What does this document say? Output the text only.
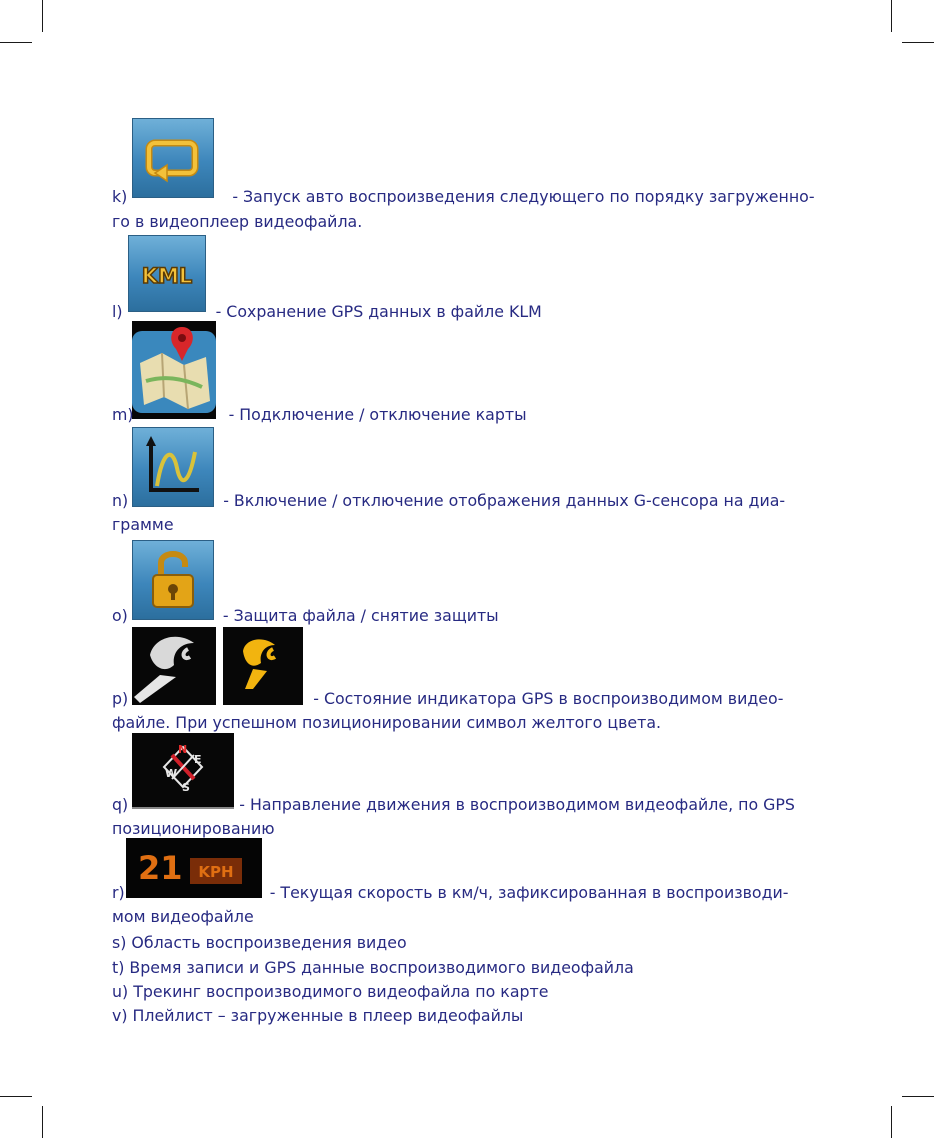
k)	- Запуск авто воспроизведения следующего по порядку загруженно-
го в видеоплеер видеофайла.
KML
l)	- Сохранение GPS данных в файле KLM
m)	- Подключение / отключение карты
n)	- Включение / отключение отображения данных G-сенсора на диа-
грамме
o)	- Защита файла / снятие защиты
p)	- Состояние индикатора GPS в воспроизводимом видео-
файле. При успешном позиционировании символ желтого цвета.
N
E
W
S
q)	- Направление движения в воспроизводимом видеофайле, по GPS
позиционированию
21 KPH
r)	- Текущая скорость в км/ч, зафиксированная в воспроизводи-
мом видеофайле
s) Область воспроизведения видео
t) Время записи и GPS данные воспроизводимого видеофайла
u) Трекинг воспроизводимого видеофайла по карте
v) Плейлист – загруженные в плеер видеофайлы
